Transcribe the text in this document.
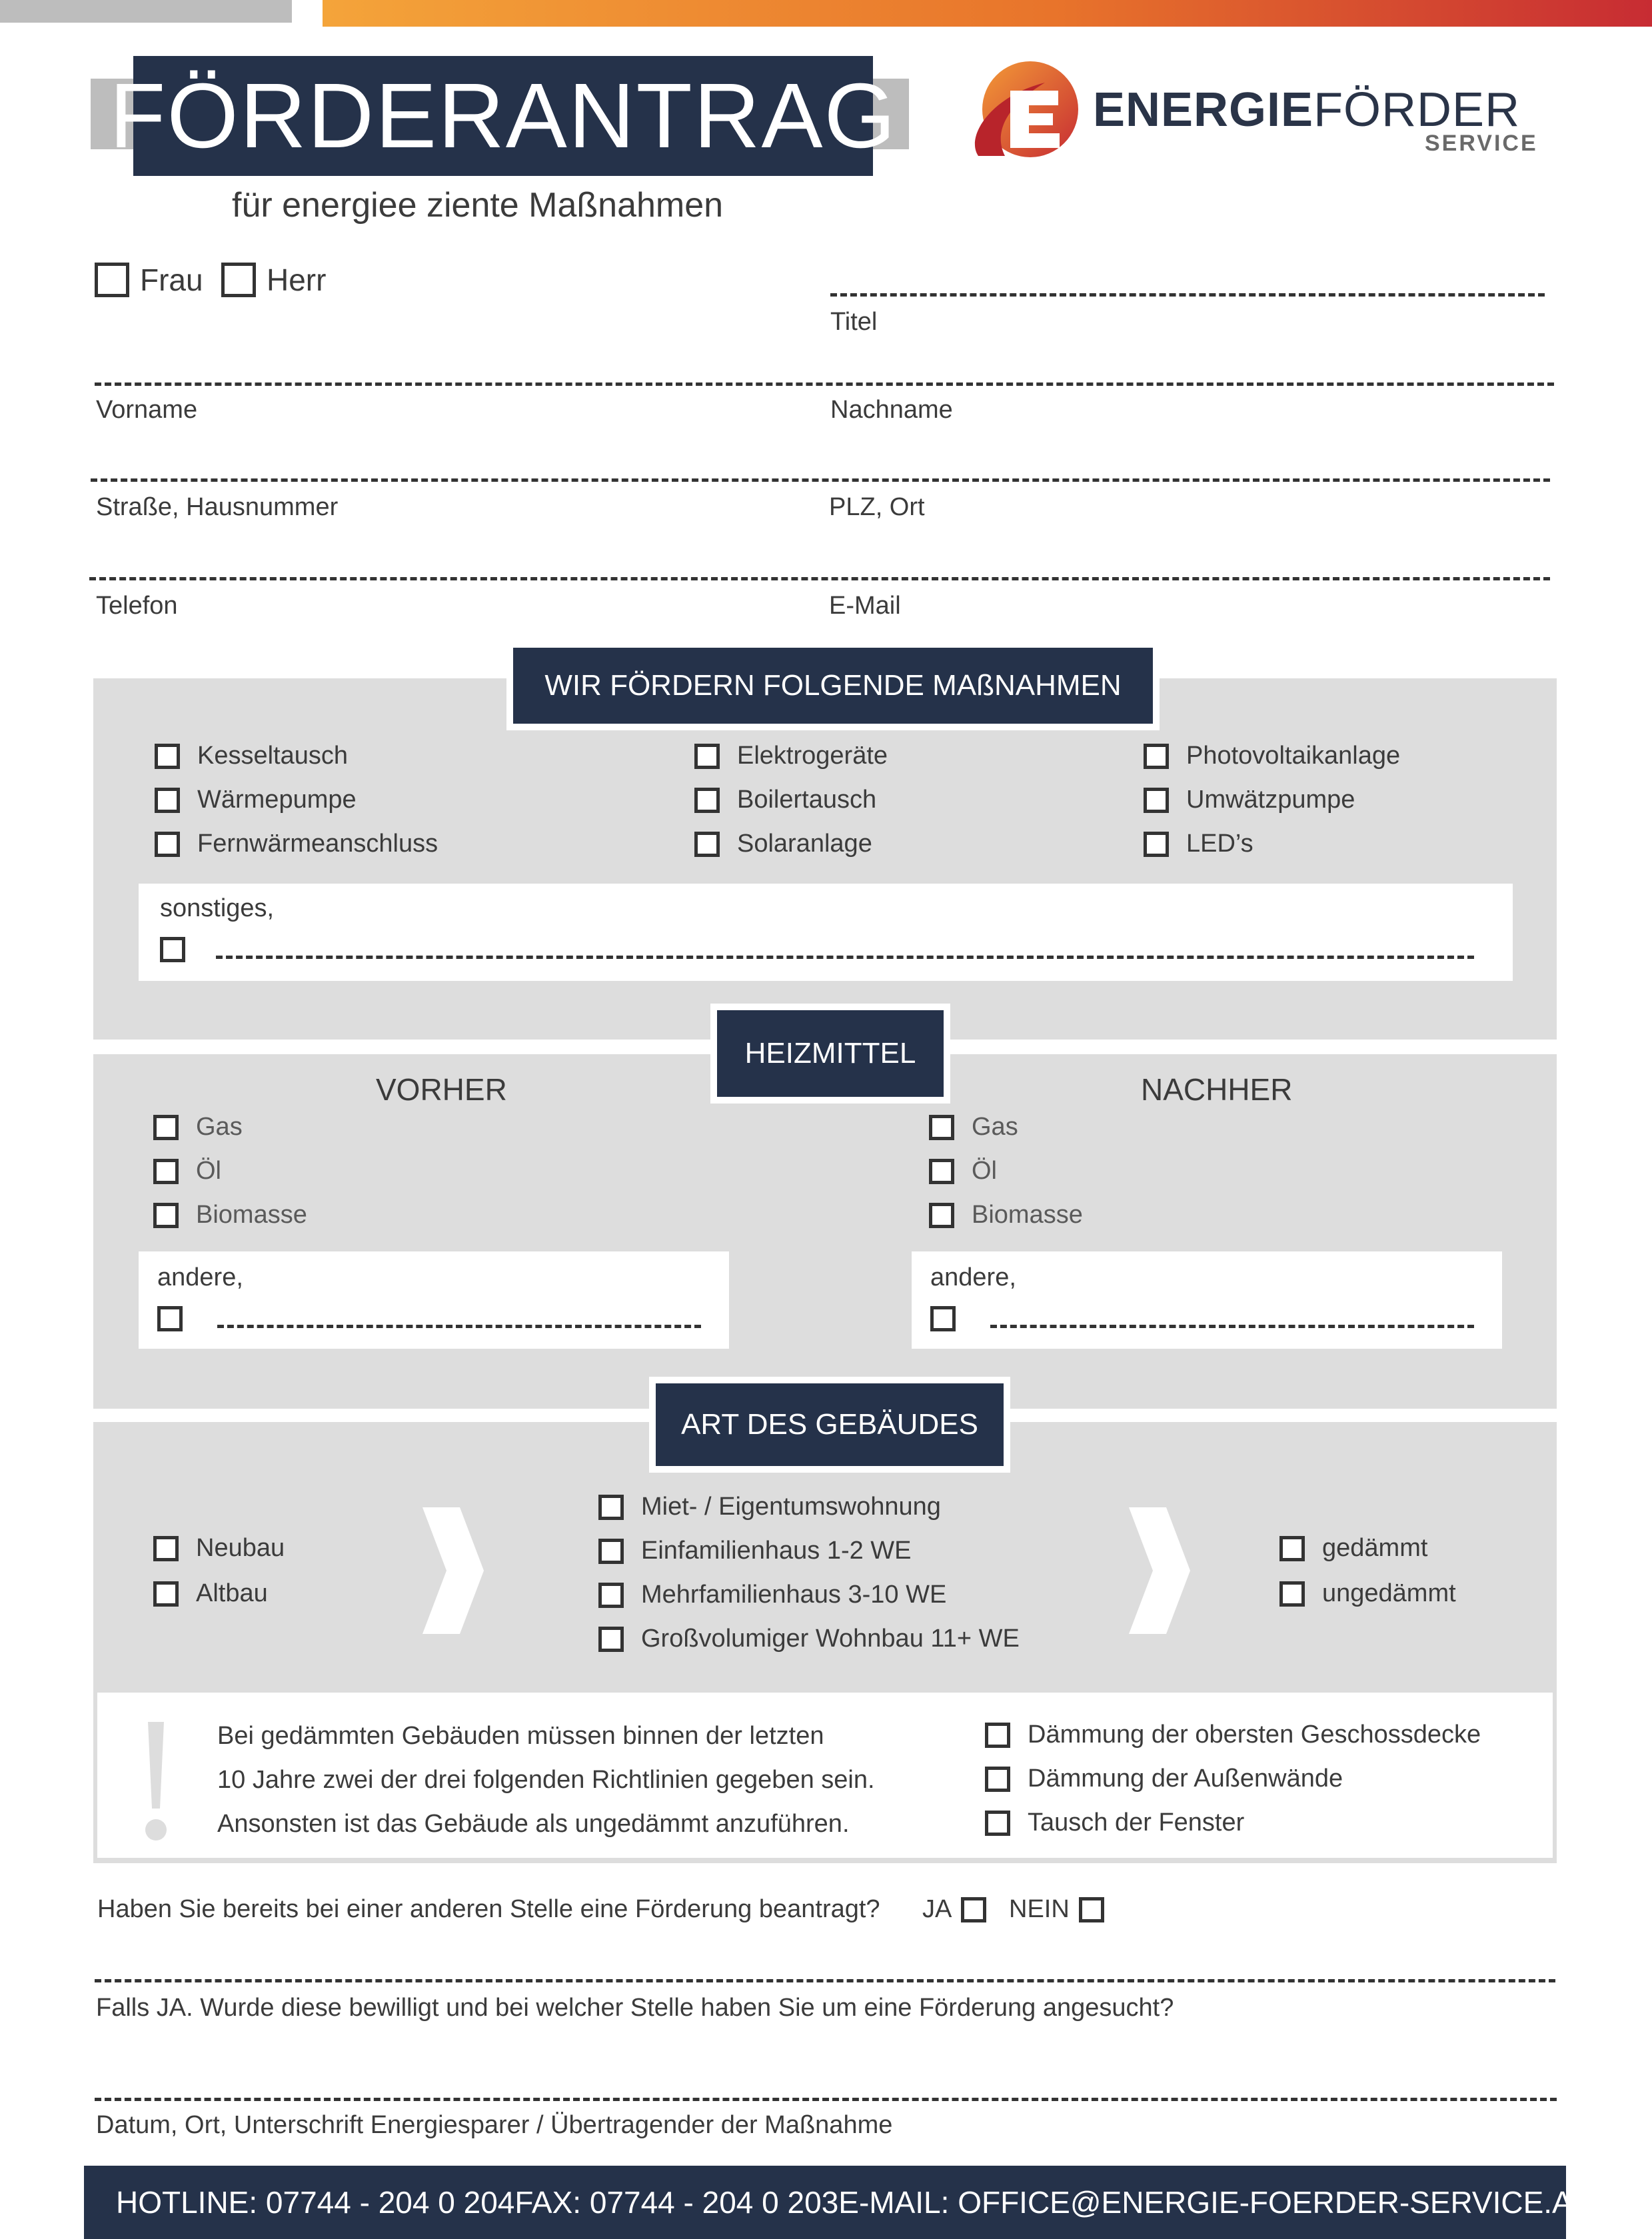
FÖRDERANTRAG
für energiee ziente Maßnahmen
ENERGIEFÖRDER
SERVICE
Frau Herr
Titel
Vorname	Nachname
Straße, Hausnummer	PLZ, Ort
Telefon	E-Mail
WIR FÖRDERN FOLGENDE MAßNAHMEN
Kesseltausch
Wärmepumpe
Fernwärmeanschluss
Elektrogeräte
Boilertausch
Solaranlage
Photovoltaikanlage
Umwätzpumpe
LED’s
sonstiges,
HEIZMITTEL
VORHER	NACHHER
Gas
Öl
Biomasse
Gas
Öl
Biomasse
andere,	andere,
ART DES GEBÄUDES
Neubau
Altbau
Miet- / Eigentumswohnung
Einfamilienhaus 1-2 WE
Mehrfamilienhaus 3-10 WE
Großvolumiger Wohnbau 11+ WE
gedämmt
ungedämmt
Bei gedämmten Gebäuden müssen binnen der letzten
10 Jahre zwei der drei folgenden Richtlinien gegeben sein.
Ansonsten ist das Gebäude als ungedämmt anzuführen.
Dämmung der obersten Geschossdecke
Dämmung der Außenwände
Tausch der Fenster
Haben Sie bereits bei einer anderen Stelle eine Förderung beantragt? JA NEIN
Falls JA. Wurde diese bewilligt und bei welcher Stelle haben Sie um eine Förderung angesucht?
Datum, Ort, Unterschrift Energiesparer / Übertragender der Maßnahme
HOTLINE: 07744 - 204 0 204 FAX: 07744 - 204 0 203 E-MAIL: OFFICE@ENERGIE-FOERDER-SERVICE.AT
